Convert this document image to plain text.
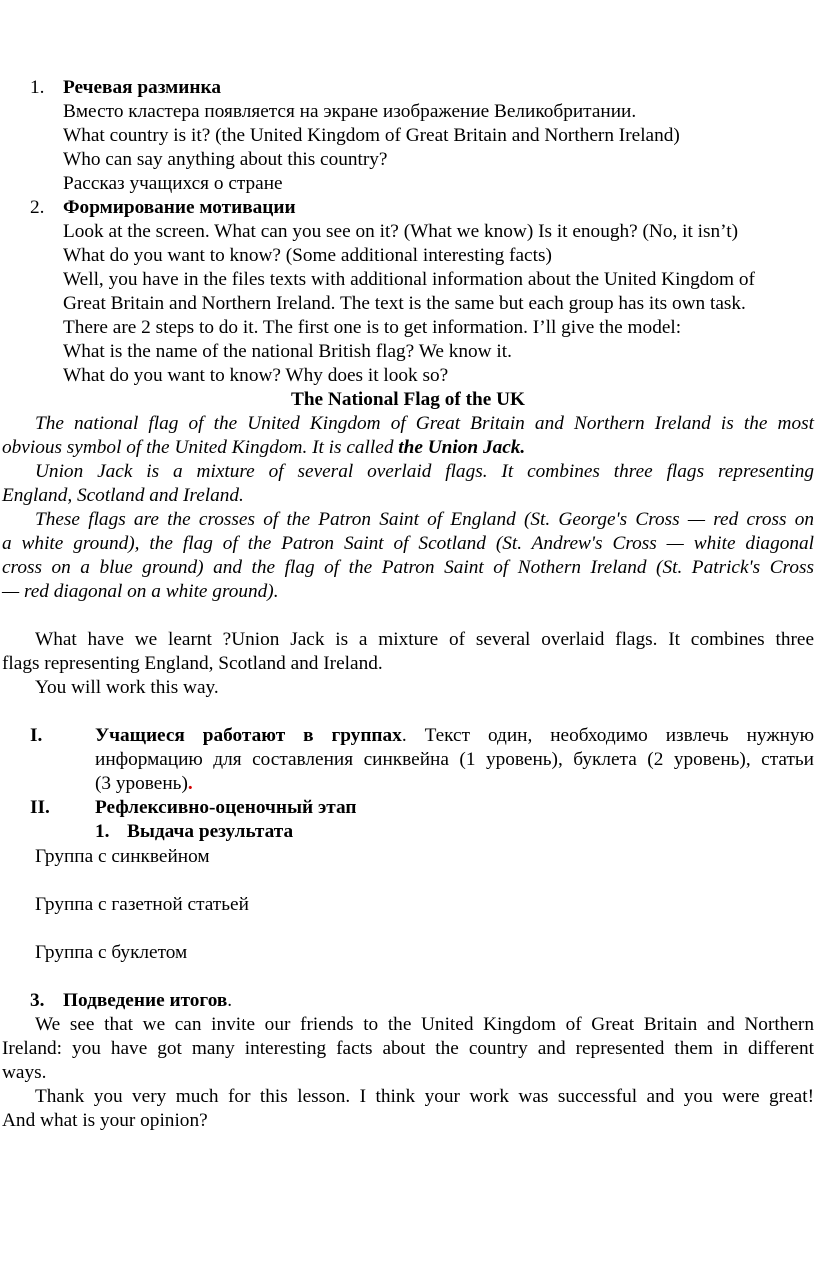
1. Речевая разминка
Вместо кластера появляется на экране изображение Великобритании.
What country is it? (the United Kingdom of Great Britain and Northern Ireland)
Who can say anything about this country?
Рассказ учащихся о стране
2. Формирование мотивации
Look at the screen. What can you see on it? (What we know) Is it enough? (No, it isn’t)
What do you want to know? (Some additional interesting facts)
Well, you have in the files texts with additional information about the United Kingdom of
Great Britain and Northern Ireland. The text is the same but each group has its own task.
There are 2 steps to do it. The first one is to get information. I’ll give the model:
What is the name of the national British flag? We know it.
What do you want to know? Why does it look so?
The National Flag of the UK
The national flag of the United Kingdom of Great Britain and Northern Ireland is the most
obvious symbol of the United Kingdom. It is called the Union Jack.
Union Jack is a mixture of several overlaid flags. It combines three flags representing
England, Scotland and Ireland.
These flags are the crosses of the Patron Saint of England (St. George's Cross — red cross on
a white ground), the flag of the Patron Saint of Scotland (St. Andrew's Cross — white diagonal
cross on a blue ground) and the flag of the Patron Saint of Nothern Ireland (St. Patrick's Cross
— red diagonal on a white ground).
What have we learnt ?Union Jack is a mixture of several overlaid flags. It combines three
flags representing England, Scotland and Ireland.
You will work this way.
I.	Учащиеся работают в группах. Текст один, необходимо извлечь нужную
информацию для составления синквейна (1 уровень), буклета (2 уровень), статьи
(3 уровень).
II. Рефлексивно-оценочный этап
1. Выдача результата
Группа с синквейном
Группа с газетной статьей
Группа с буклетом
3. Подведение итогов.
We see that we can invite our friends to the United Kingdom of Great Britain and Northern
Ireland: you have got many interesting facts about the country and represented them in different
ways.
Thank you very much for this lesson. I think your work was successful and you were great!
And what is your opinion?
